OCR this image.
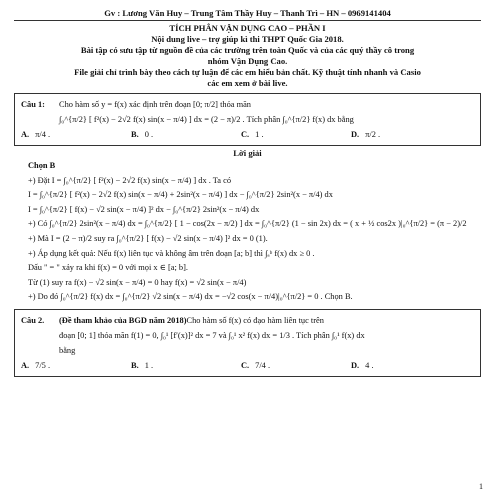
Gv : Lương Văn Huy – Trung Tâm Thầy Huy – Thanh Trì – HN – 0969141404
TÍCH PHÂN VẬN DỤNG CAO – PHẦN I
Nội dung live – trợ giúp kì thi THPT Quốc Gia 2018.
Bài tập có sưu tập từ nguồn đề của các trường trên toàn Quốc và của các quý thầy cô trong
nhóm Vận Dụng Cao.
File giải chỉ trình bày theo cách tự luận để các em hiểu bản chất. Kỹ thuật tính nhanh và Casio
các em xem ở bài live.
Câu 1:	Cho hàm số y = f(x) xác định trên đoạn [0; π/2] thỏa mãn
∫₀^{π/2} [ f²(x) − 2√2 f(x) sin(x − π/4) ] dx = (2 − π)/2 . Tích phân ∫₀^{π/2} f(x) dx bằng
A. π/4 .	B. 0 .	C. 1 .	D. π/2 .
Lời giải
Chọn B
+) Đặt I = ∫₀^{π/2} [ f²(x) − 2√2 f(x) sin(x − π/4) ] dx . Ta có
I = ∫₀^{π/2} [ f²(x) − 2√2 f(x) sin(x − π/4) + 2sin²(x − π/4) ] dx − ∫₀^{π/2} 2sin²(x − π/4) dx
I = ∫₀^{π/2} [ f(x) − √2 sin(x − π/4) ]² dx − ∫₀^{π/2} 2sin²(x − π/4) dx
+) Có ∫₀^{π/2} 2sin²(x − π/4) dx = ∫₀^{π/2} [ 1 − cos(2x − π/2) ] dx = ∫₀^{π/2} (1 − sin 2x) dx = ( x + ½ cos2x )|₀^{π/2} = (π − 2)/2
+) Mà I = (2 − π)/2 suy ra ∫₀^{π/2} [ f(x) − √2 sin(x − π/4) ]² dx = 0 (1).
+) Áp dụng kết quả: Nếu f(x) liên tục và không âm trên đoạn [a; b] thì ∫ₐᵇ f(x) dx ≥ 0 .
Dấu " = " xảy ra khi f(x) = 0 với mọi x ∈ [a; b].
Từ (1) suy ra f(x) − √2 sin(x − π/4) = 0 hay f(x) = √2 sin(x − π/4)
+) Do đó ∫₀^{π/2} f(x) dx = ∫₀^{π/2} √2 sin(x − π/4) dx = −√2 cos(x − π/4)|₀^{π/2} = 0 . Chọn B.
Câu 2.	(Đề tham khảo của BGD năm 2018) Cho hàm số f(x) có đạo hàm liên tục trên
đoạn [0; 1] thỏa mãn f(1) = 0, ∫₀¹ [f′(x)]² dx = 7 và ∫₀¹ x² f(x) dx = 1/3 . Tích phân ∫₀¹ f(x) dx
bằng
A. 7/5 .	B. 1 .	C. 7/4 .	D. 4 .
1
